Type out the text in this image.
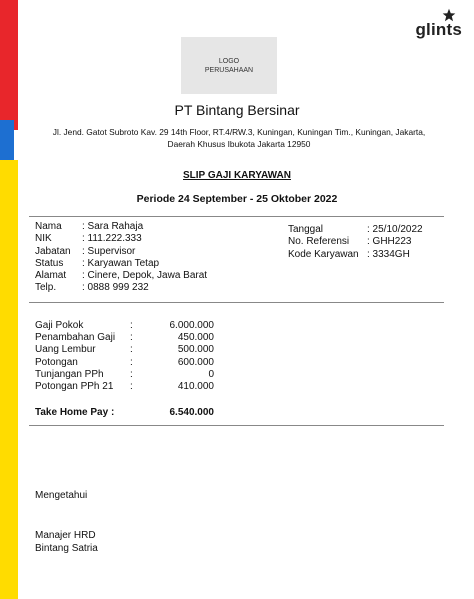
glints
LOGO
PERUSAHAAN
PT Bintang Bersinar
Jl. Jend. Gatot Subroto Kav. 29 14th Floor, RT.4/RW.3, Kuningan, Kuningan Tim., Kuningan, Jakarta,
Daerah Khusus Ibukota Jakarta 12950
SLIP GAJI KARYAWAN
Periode 24 September - 25 Oktober 2022
Nama	: Sara Rahaja
NIK	: 111.222.333
Jabatan	: Supervisor
Status	: Karyawan Tetap
Alamat	: Cinere, Depok, Jawa Barat
Telp.	: 0888 999 232
Tanggal	: 25/10/2022
No. Referensi	: GHH223
Kode Karyawan : 3334GH
Gaji Pokok	:	6.000.000
Penambahan Gaji	:	450.000
Uang Lembur	:	500.000
Potongan	:	600.000
Tunjangan PPh	:	0
Potongan PPh 21	:	410.000
Take Home Pay :	6.540.000
Mengetahui
Manajer HRD
Bintang Satria
